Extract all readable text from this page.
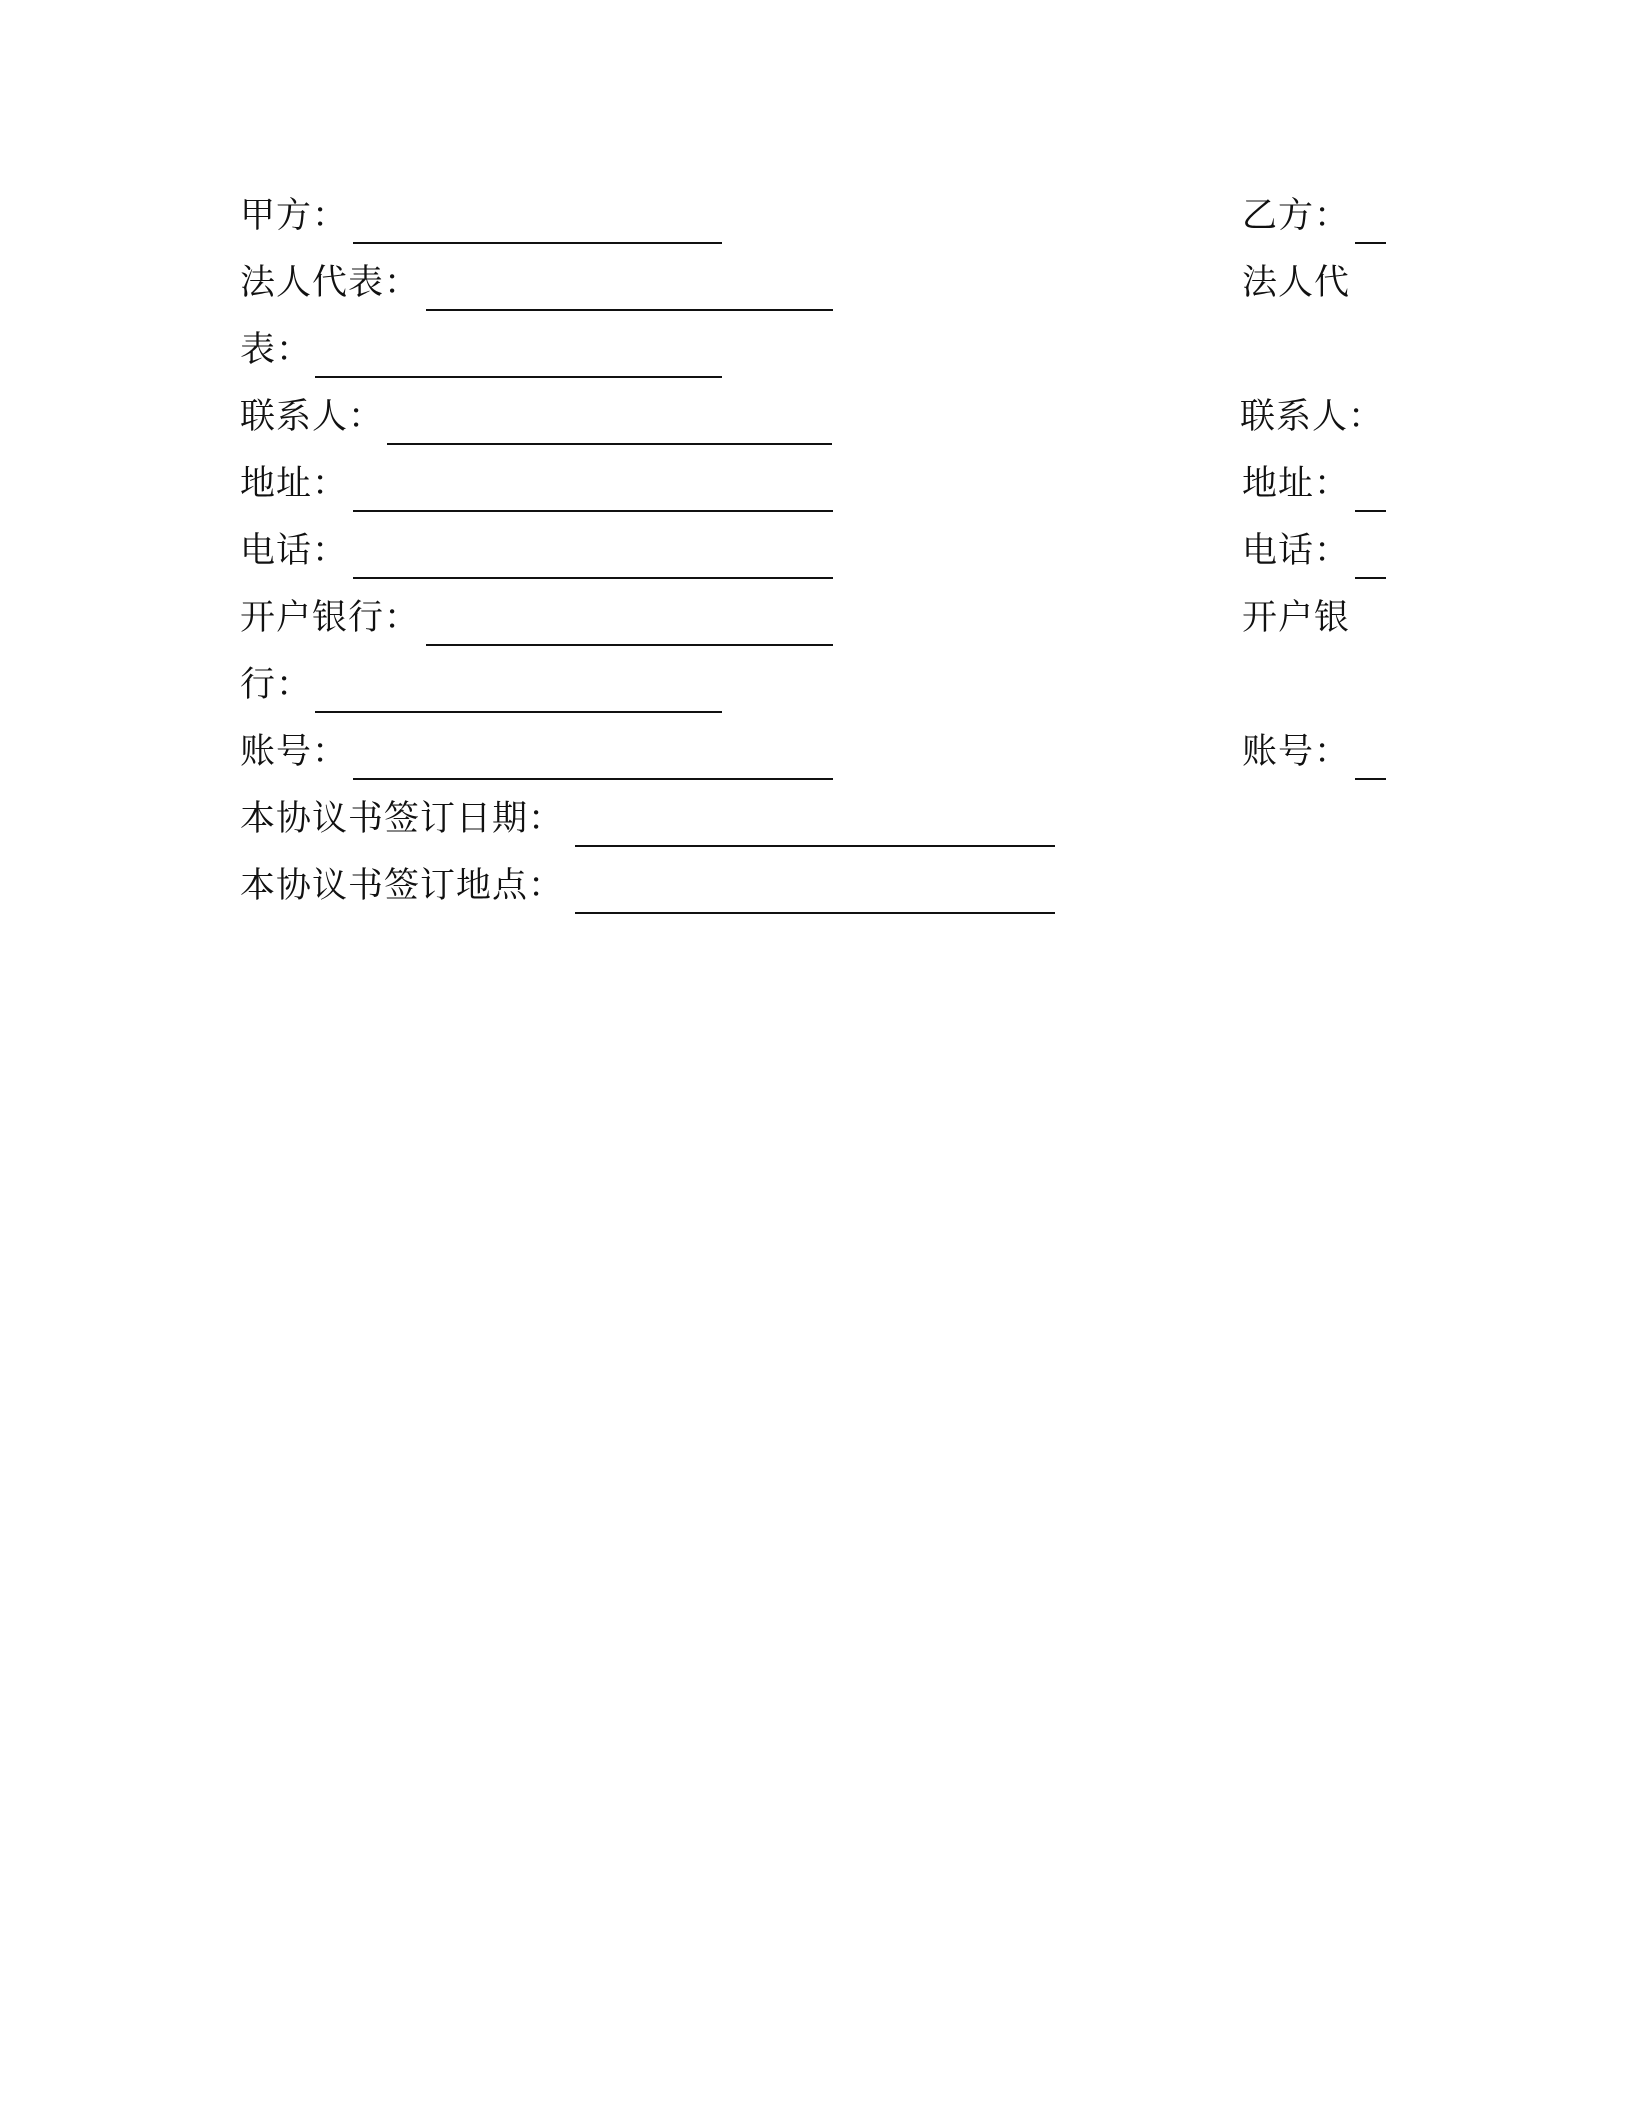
甲方：
法人代表：
表：
联系人：
地址：
电话：
开户银行：
行：
账号：
乙方：
法人代
联系人：
地址：
电话：
开户银
账号：
本协议书签订日期：
本协议书签订地点：
